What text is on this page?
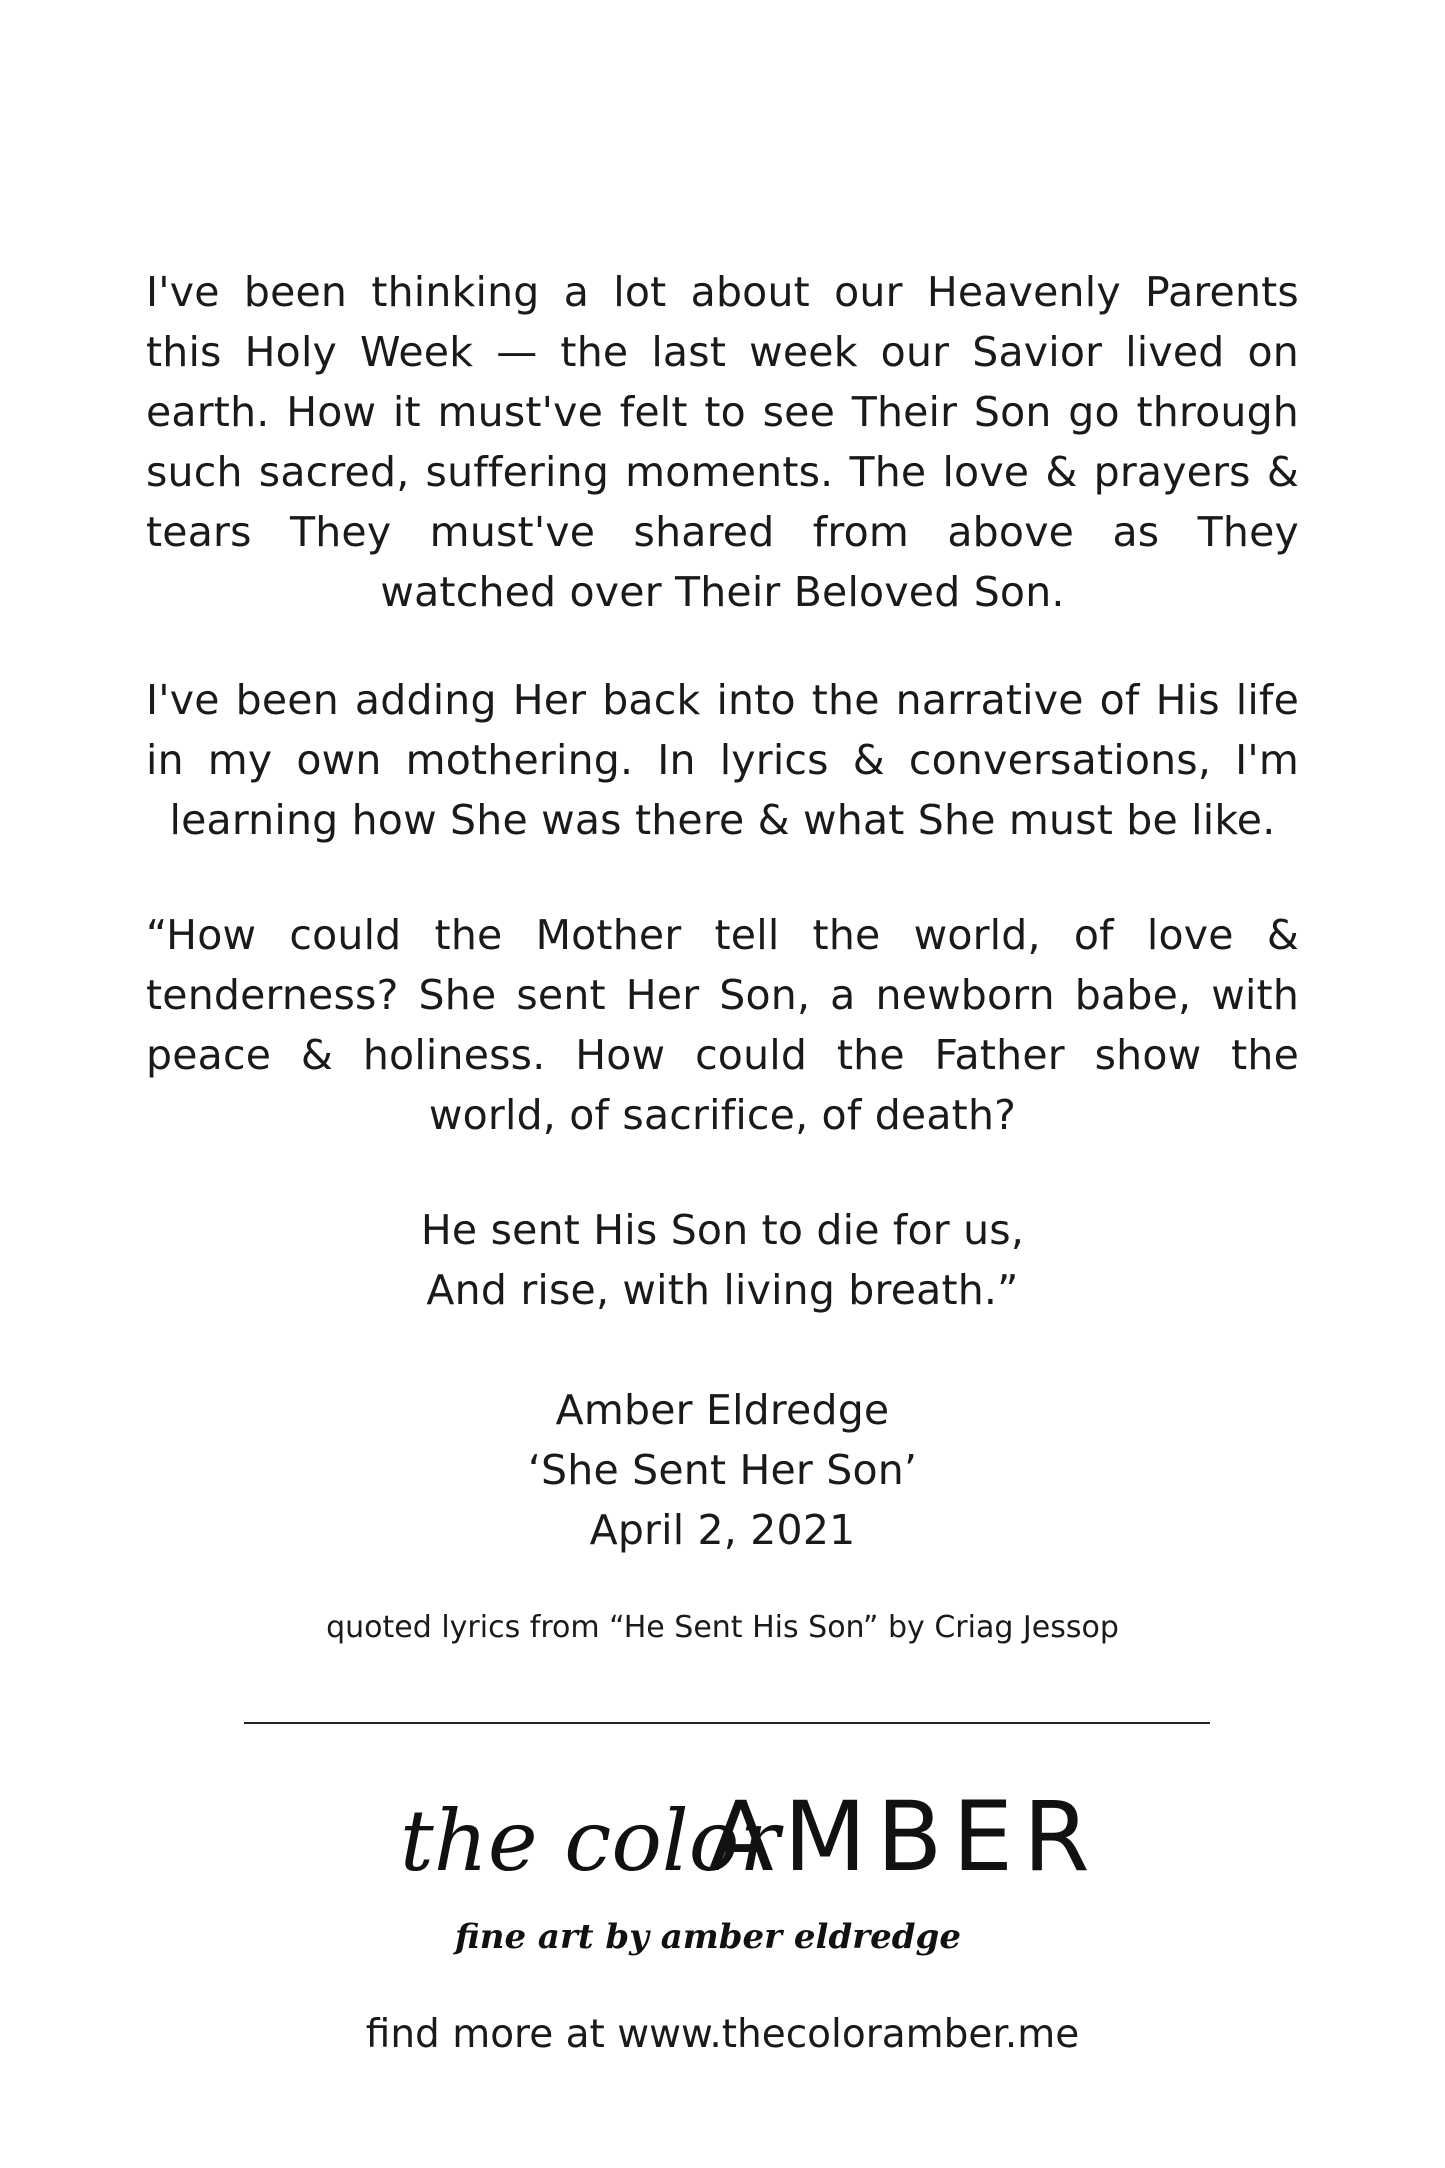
I've been thinking a lot about our Heavenly Parents this Holy Week — the last week our Savior lived on earth. How it must've felt to see Their Son go through such sacred, suffering moments. The love & prayers & tears They must've shared from above as They watched over Their Beloved Son.
I've been adding Her back into the narrative of His life in my own mothering. In lyrics & conversations, I'm learning how She was there & what She must be like.
“How could the Mother tell the world, of love & tenderness? She sent Her Son, a newborn babe, with peace & holiness. How could the Father show the world, of sacrifice, of death?
He sent His Son to die for us,
And rise, with living breath.”
Amber Eldredge
‘She Sent Her Son’
April 2, 2021
quoted lyrics from “He Sent His Son” by Criag Jessop
the color
AMBER
fine art by amber eldredge
find more at www.thecoloramber.me
